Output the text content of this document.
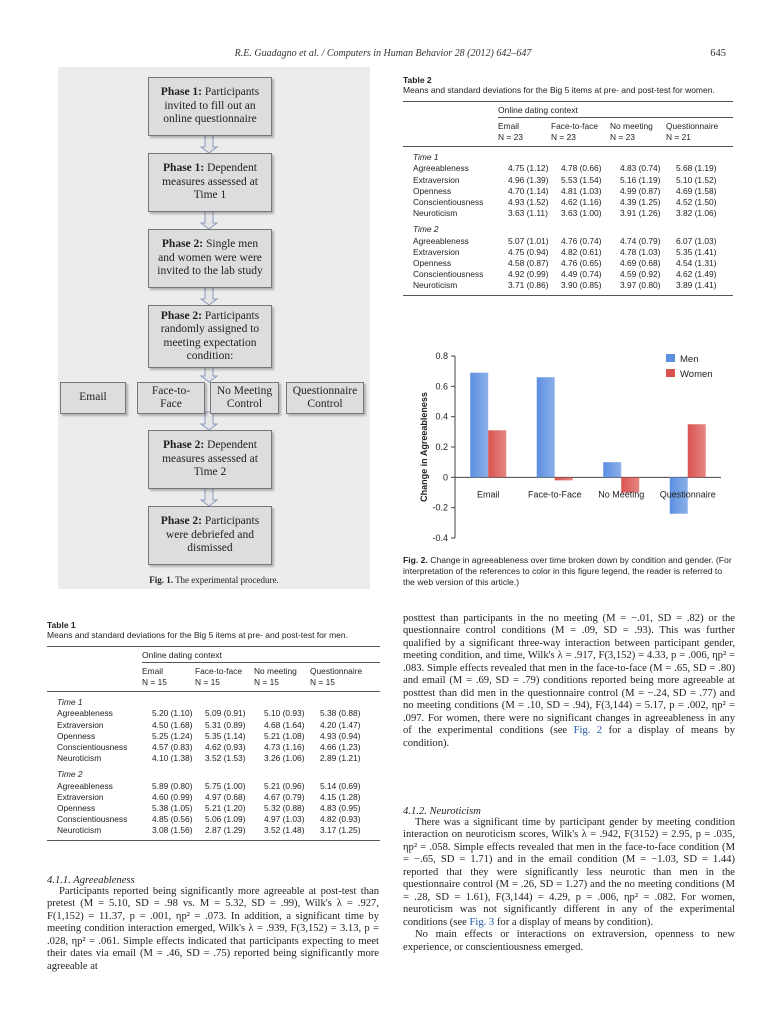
R.E. Guadagno et al. / Computers in Human Behavior 28 (2012) 642–647	645
Phase 1: Participants
invited to fill out an
online questionnaire
Phase 1: Dependent
measures assessed at
Time 1
Phase 2: Single men
and women were were
invited to the lab study
Phase 2: Participants
randomly assigned to
meeting expectation
condition:
Phase 2: Dependent
measures assessed at
Time 2
Phase 2: Participants
were debriefed and
dismissed
Email
Face-to-
Face
No Meeting
Control
Questionnaire
Control
Fig. 1. The experimental procedure.
Table 2
Means and standard deviations for the Big 5 items at pre- and post-test for women.
Online dating context

Email
N = 23

Face-to-face
N = 23

No meeting
N = 23

Questionnaire
N = 21
Time 1				
Agreeableness	4.75 (1.12)	4.78 (0.66)	4.83 (0.74)	5.68 (1.19)
Extraversion	4.96 (1.39)	5.53 (1.54)	5.16 (1.19)	5.10 (1.52)
Openness	4.70 (1.14)	4.81 (1.03)	4.99 (0.87)	4.69 (1.58)
Conscientiousness	4.93 (1.52)	4.62 (1.16)	4.39 (1.25)	4.52 (1.50)
Neuroticism	3.63 (1.11)	3.63 (1.00)	3.91 (1.26)	3.82 (1.06)
Time 2				
Agreeableness	5.07 (1.01)	4.76 (0.74)	4.74 (0.79)	6.07 (1.03)
Extraversion	4.75 (0.94)	4.82 (0.61)	4.78 (1.03)	5.35 (1.41)
Openness	4.58 (0.87)	4.76 (0.65)	4.69 (0.68)	4.54 (1.31)
Conscientiousness	4.92 (0.99)	4.49 (0.74)	4.59 (0.92)	4.62 (1.49)
Neuroticism	3.71 (0.86)	3.90 (0.85)	3.97 (0.80)	3.89 (1.41)
0.8
0.6
0.4
0.2
0
-0.2
-0.4
Change in Agreeableness	Email	Face-to-Face No Meeting Questionnaire
Men
Women
Fig. 2. Change in agreeableness over time broken down by condition and gender. (For interpretation of the references to color in this figure legend, the reader is referred to the web version of this article.)
Table 1
Means and standard deviations for the Big 5 items at pre- and post-test for men.
Online dating context

Email
N = 15

Face-to-face
N = 15

No meeting
N = 15

Questionnaire
N = 15
Time 1				
Agreeableness	5.20 (1.10)	5.09 (0.91)	5.10 (0.93)	5.38 (0.88)
Extraversion	4.50 (1.68)	5.31 (0.89)	4.68 (1.64)	4.20 (1.47)
Openness	5.25 (1.24)	5.35 (1.14)	5.21 (1.08)	4.93 (0.94)
Conscientiousness	4.57 (0.83)	4.62 (0.93)	4.73 (1.16)	4.66 (1.23)
Neuroticism	4.10 (1.38)	3.52 (1.53)	3.26 (1.06)	2.89 (1.21)
Time 2				
Agreeableness	5.89 (0.80)	5.75 (1.00)	5.21 (0.96)	5.14 (0.69)
Extraversion	4.60 (0.99)	4.97 (0.68)	4.67 (0.79)	4.15 (1.28)
Openness	5.38 (1.05)	5.21 (1.20)	5.32 (0.88)	4.83 (0.95)
Conscientiousness	4.85 (0.56)	5.06 (1.09)	4.97 (1.03)	4.82 (0.93)
Neuroticism	3.08 (1.56)	2.87 (1.29)	3.52 (1.48)	3.17 (1.25)
4.1.1. Agreeableness

Participants reported being significantly more agreeable at post-test than pretest (M = 5.10, SD = .98 vs. M = 5.32, SD = .99), Wilk's λ = .927, F(1,152) = 11.37, p = .001, ηp² = .073. In addition, a significant time by meeting condition interaction emerged, Wilk's λ = .939, F(3,152) = 3.13, p = .028, ηp² = .061. Simple effects indicated that participants expecting to meet their dates via email (M = .46, SD = .75) reported being significantly more agreeable at

posttest than participants in the no meeting (M = −.01, SD = .82) or the questionnaire control conditions (M = .09, SD = .93). This was further qualified by a significant three-way interaction between participant gender, meeting condition, and time, Wilk's λ = .917, F(3,152) = 4.33, p = .006, ηp² = .083. Simple effects revealed that men in the face-to-face (M = .65, SD = .80) and email (M = .69, SD = .79) conditions reported being more agreeable at posttest than did men in the questionnaire control (M = −.24, SD = .77) and no meeting conditions (M = .10, SD = .94), F(3,144) = 5.17, p = .002, ηp² = .097. For women, there were no significant changes in agreeableness in any of the experimental conditions (see Fig. 2 for a display of means by condition).

4.1.2. Neuroticism

There was a significant time by participant gender by meeting condition interaction on neuroticism scores, Wilk's λ = .942, F(3152) = 2.95, p = .035, ηp² = .058. Simple effects revealed that men in the face-to-face condition (M = −.65, SD = 1.71) and in the email condition (M = −1.03, SD = 1.44) reported that they were significantly less neurotic than men in the questionnaire control (M = .26, SD = 1.27) and the no meeting conditions (M = .28, SD = 1.61), F(3,144) = 4.29, p = .006, ηp² = .082. For women, neuroticism was not significantly different in any of the experimental conditions (see Fig. 3 for a display of means by condition).

No main effects or interactions on extraversion, openness to new experience, or conscientiousness emerged.
